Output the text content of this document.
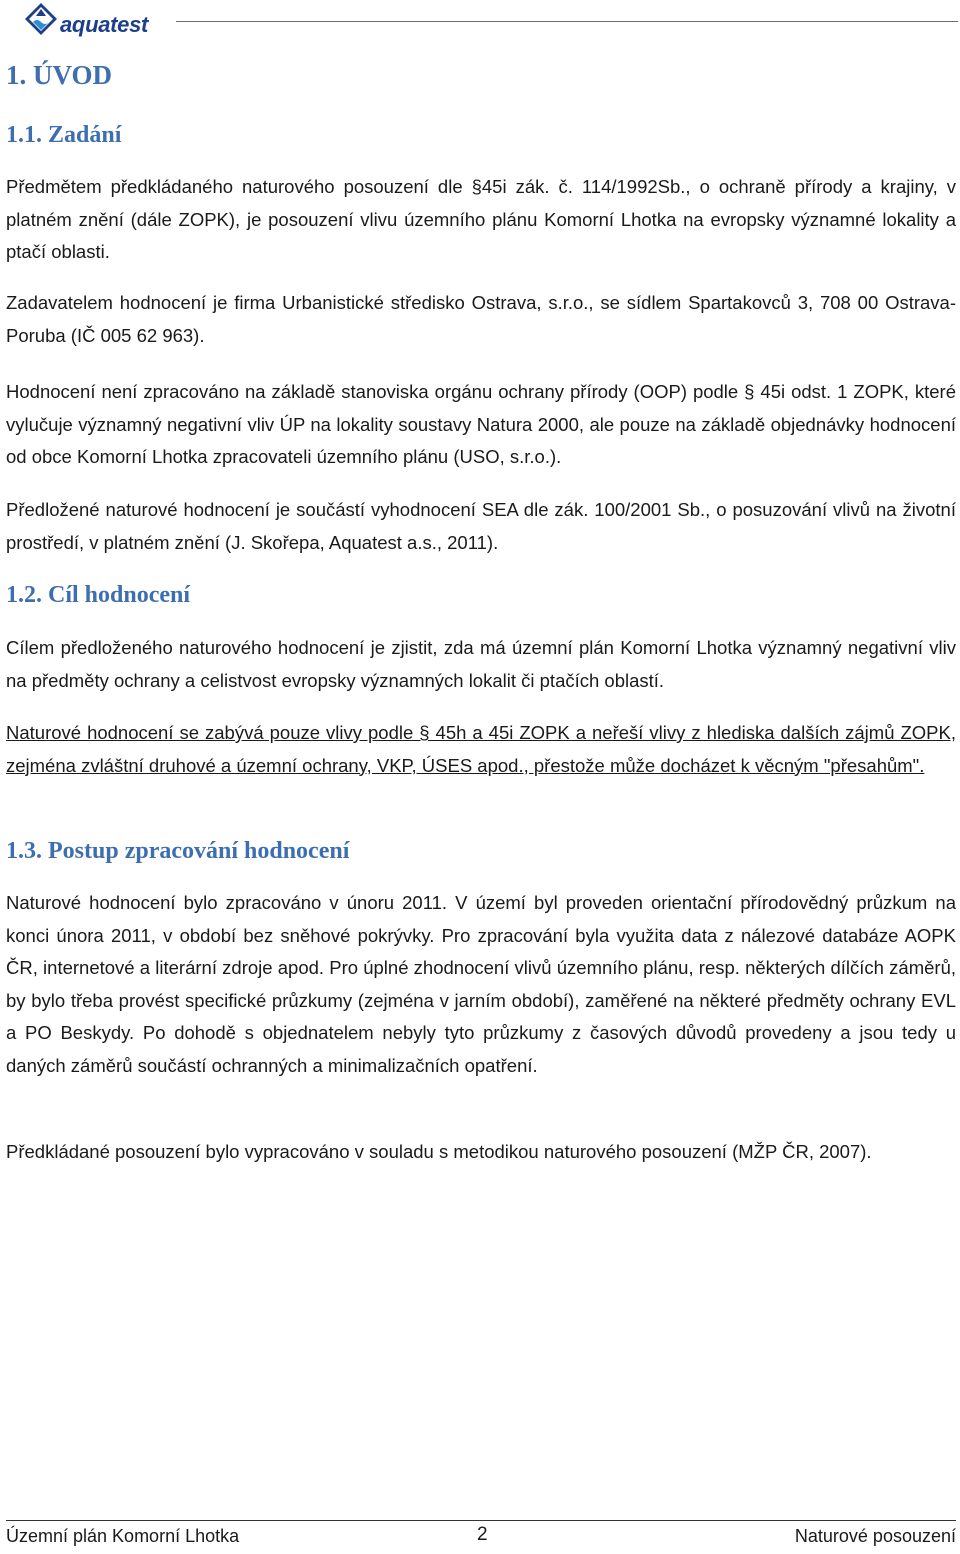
aquatest
1. ÚVOD
1.1. Zadání

Předmětem předkládaného naturového posouzení dle §45i zák. č. 114/1992Sb., o ochraně přírody a krajiny, v platném znění (dále ZOPK), je posouzení vlivu územního plánu Komorní Lhotka na evropsky významné lokality a ptačí oblasti.

Zadavatelem hodnocení je firma Urbanistické středisko Ostrava, s.r.o., se sídlem Spartakovců 3, 708 00 Ostrava-Poruba (IČ 005 62 963).

Hodnocení není zpracováno na základě stanoviska orgánu ochrany přírody (OOP) podle § 45i odst. 1 ZOPK, které vylučuje významný negativní vliv ÚP na lokality soustavy Natura 2000, ale pouze na základě objednávky hodnocení od obce Komorní Lhotka zpracovateli územního plánu (USO, s.r.o.).

Předložené naturové hodnocení je součástí vyhodnocení SEA dle zák. 100/2001 Sb., o posuzování vlivů na životní prostředí, v platném znění (J. Skořepa, Aquatest a.s., 2011).

1.2. Cíl hodnocení

Cílem předloženého naturového hodnocení je zjistit, zda má územní plán Komorní Lhotka významný negativní vliv na předměty ochrany a celistvost evropsky významných lokalit či ptačích oblastí.

Naturové hodnocení se zabývá pouze vlivy podle § 45h a 45i ZOPK a neřeší vlivy z hlediska dalších zájmů ZOPK, zejména zvláštní druhové a územní ochrany, VKP, ÚSES apod., přestože může docházet k věcným "přesahům".

1.3. Postup zpracování hodnocení

Naturové hodnocení bylo zpracováno v únoru 2011. V území byl proveden orientační přírodovědný průzkum na konci února 2011, v období bez sněhové pokrývky. Pro zpracování byla využita data z nálezové databáze AOPK ČR, internetové a literární zdroje apod. Pro úplné zhodnocení vlivů územního plánu, resp. některých dílčích záměrů, by bylo třeba provést specifické průzkumy (zejména v jarním období), zaměřené na některé předměty ochrany EVL a PO Beskydy. Po dohodě s objednatelem nebyly tyto průzkumy z časových důvodů provedeny a jsou tedy u daných záměrů součástí ochranných a minimalizačních opatření.

Předkládané posouzení bylo vypracováno v souladu s metodikou naturového posouzení (MŽP ČR, 2007).

Územní plán Komorní Lhotka	2	Naturové posouzení
